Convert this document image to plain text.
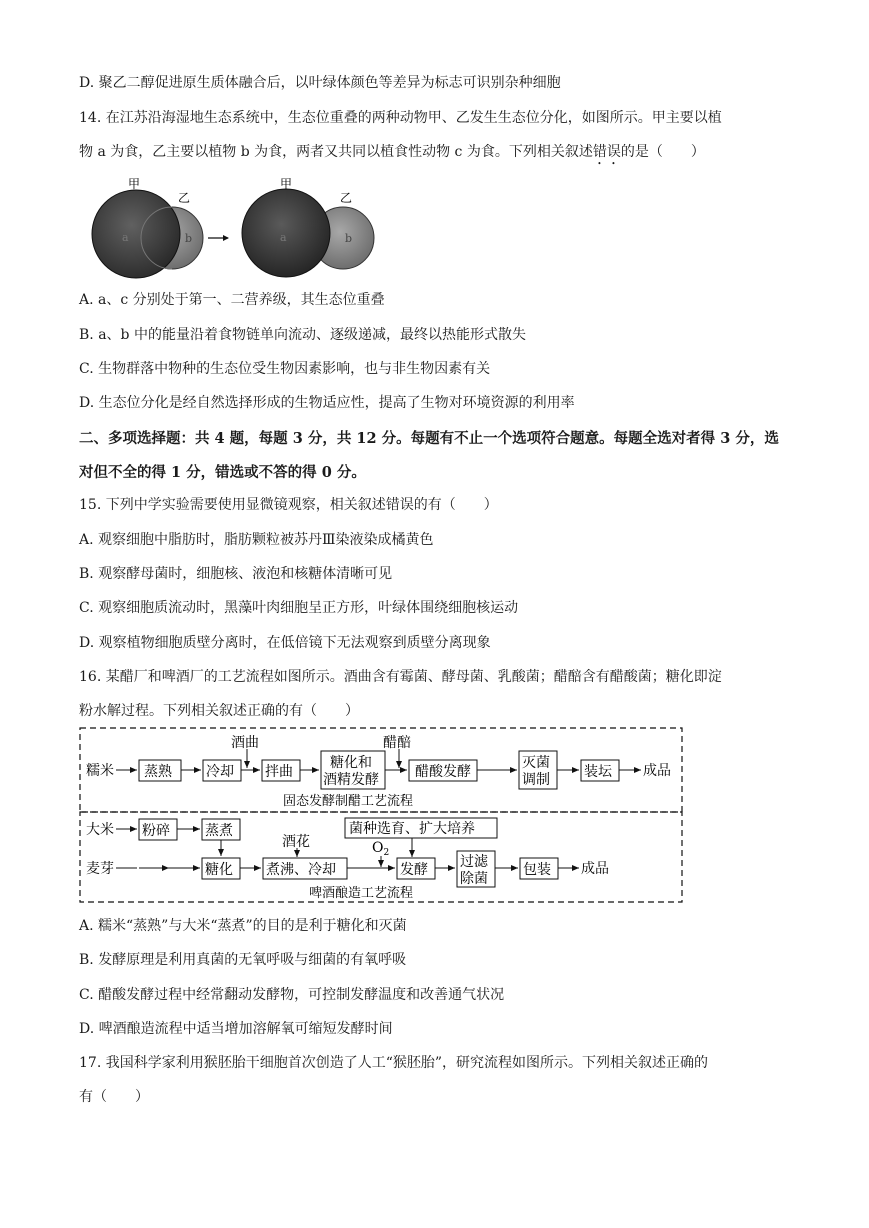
D. 聚乙二醇促进原生质体融合后，以叶绿体颜色等差异为标志可识别杂种细胞
14. 在江苏沿海湿地生态系统中，生态位重叠的两种动物甲、乙发生生态位分化，如图所示。甲主要以植
物 a 为食，乙主要以植物 b 为食，两者又共同以植食性动物 c 为食。下列相关叙述错误的是（　　）
甲
乙
a	b
甲
乙
a	b
A. a、c 分别处于第一、二营养级，其生态位重叠
B. a、b 中的能量沿着食物链单向流动、逐级递减，最终以热能形式散失
C. 生物群落中物种的生态位受生物因素影响，也与非生物因素有关
D. 生态位分化是经自然选择形成的生物适应性，提高了生物对环境资源的利用率
二、多项选择题：共 4 题，每题 3 分，共 12 分。每题有不止一个选项符合题意。每题全选对者得 3 分，选
对但不全的得 1 分，错选或不答的得 0 分。
15. 下列中学实验需要使用显微镜观察，相关叙述错误的有（　　）
A. 观察细胞中脂肪时，脂肪颗粒被苏丹Ⅲ染液染成橘黄色
B. 观察酵母菌时，细胞核、液泡和核糖体清晰可见
C. 观察细胞质流动时，黑藻叶肉细胞呈正方形，叶绿体围绕细胞核运动
D. 观察植物细胞质壁分离时，在低倍镜下无法观察到质壁分离现象
16. 某醋厂和啤酒厂的工艺流程如图所示。酒曲含有霉菌、酵母菌、乳酸菌；醋醅含有醋酸菌；糖化即淀
粉水解过程。下列相关叙述正确的有（　　）
糯米 蒸熟 冷却
酒曲
拌曲
糖化和
酒精发酵
醋醅
醋酸发酵
灭菌
调制 装坛 成品
固态发酵制醋工艺流程
大米 粉碎	蒸煮
麦芽	糖化
酒花
煮沸、冷却
菌种选育、扩大培养
$O_2$
发酵 过滤
除菌
包装 成品
啤酒酿造工艺流程
A. 糯米“蒸熟”与大米“蒸煮”的目的是利于糖化和灭菌
B. 发酵原理是利用真菌的无氧呼吸与细菌的有氧呼吸
C. 醋酸发酵过程中经常翻动发酵物，可控制发酵温度和改善通气状况
D. 啤酒酿造流程中适当增加溶解氧可缩短发酵时间
17. 我国科学家利用猴胚胎干细胞首次创造了人工“猴胚胎”，研究流程如图所示。下列相关叙述正确的
有（　　）
